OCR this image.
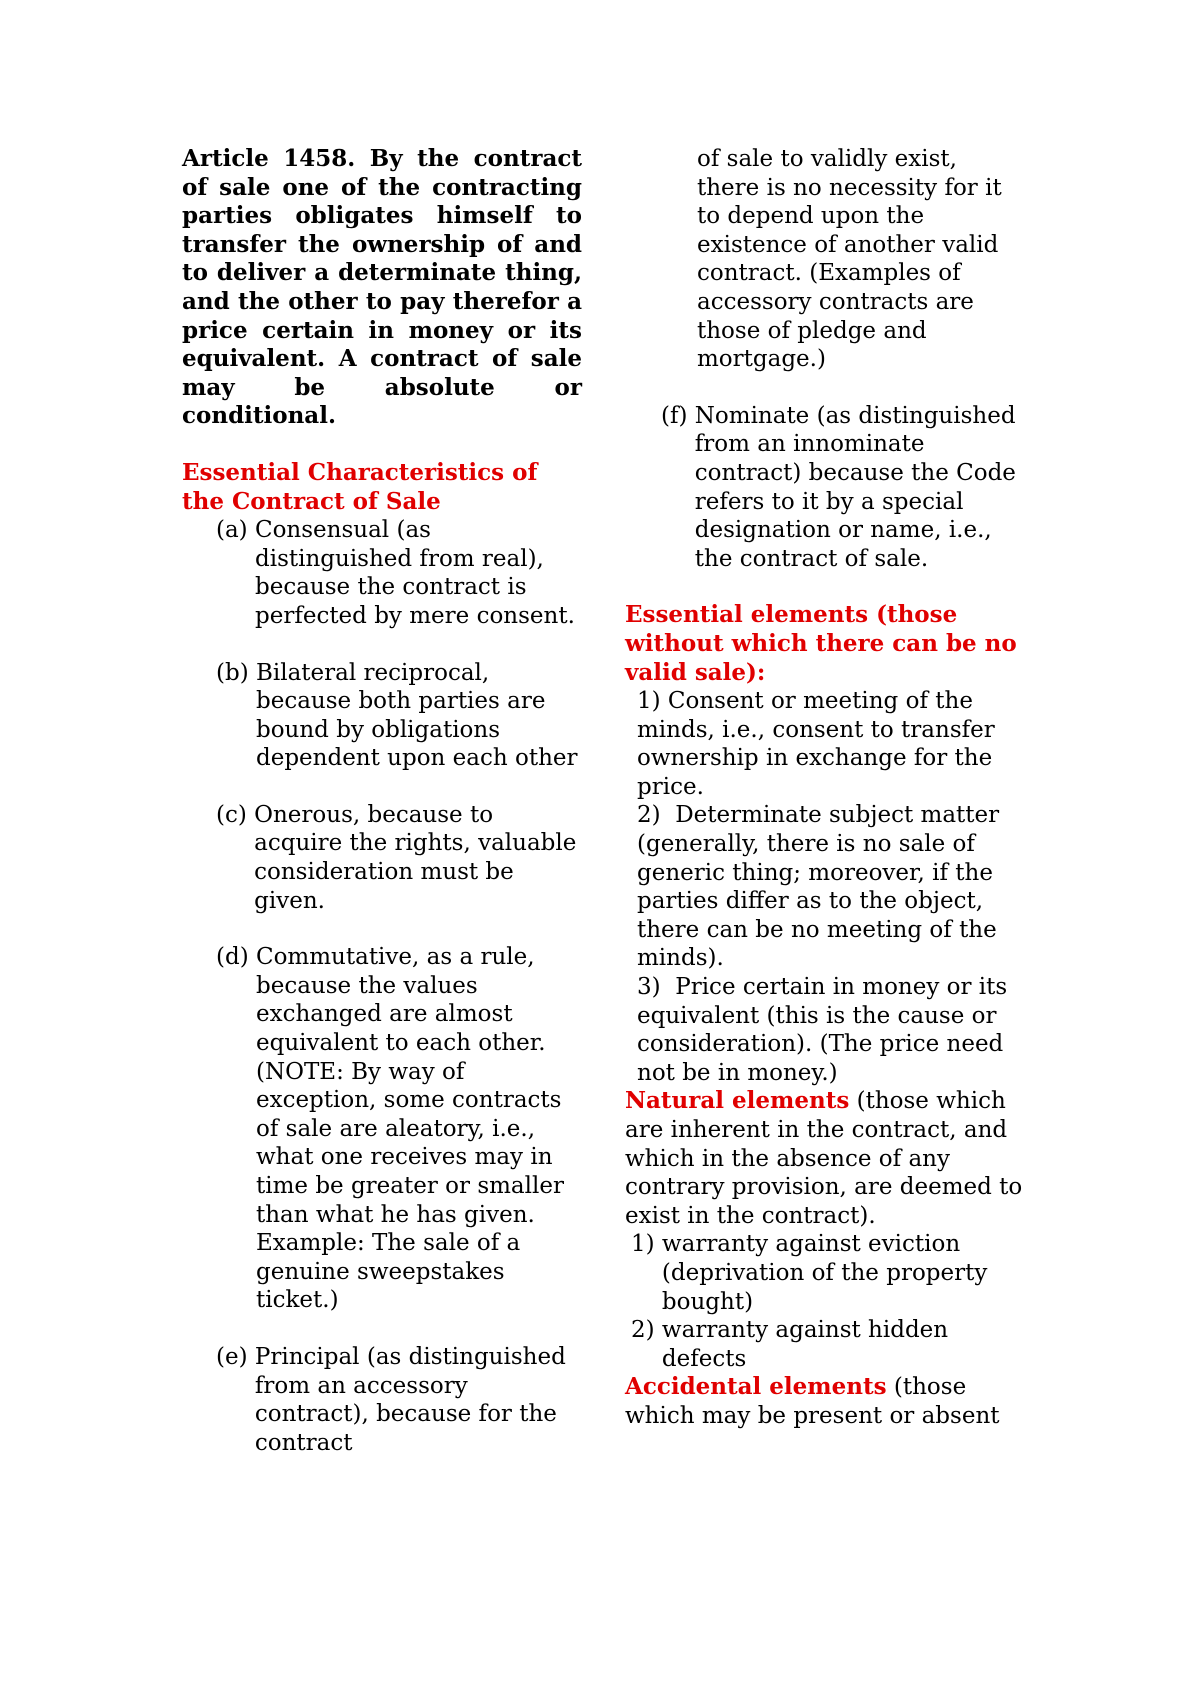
Article 1458. By the contract of sale one of the contracting parties obligates himself to transfer the ownership of and to deliver a determinate thing, and the other to pay therefor a price certain in money or its equivalent. A contract of sale may be absolute or conditional.

Essential Characteristics of the Contract of Sale
(a) Consensual (as distinguished from real), because the contract is perfected by mere consent.
(b) Bilateral reciprocal, because both parties are bound by obligations dependent upon each other
(c) Onerous, because to acquire the rights, valuable consideration must be given.
(d) Commutative, as a rule, because the values exchanged are almost equivalent to each other. (NOTE: By way of exception, some contracts of sale are aleatory, i.e., what one receives may in time be greater or smaller than what he has given. Example: The sale of a genuine sweepstakes ticket.)
(e) Principal (as distinguished from an accessory contract), because for the contract

of sale to validly exist, there is no necessity for it to depend upon the existence of another valid contract. (Examples of accessory contracts are those of pledge and mortgage.)

(f) Nominate (as distinguished from an innominate contract) because the Code refers to it by a special designation or name, i.e., the contract of sale.
Essential elements (those without which there can be no valid sale):

1) Consent or meeting of the minds, i.e., consent to transfer ownership in exchange for the price.

2)  Determinate subject matter (generally, there is no sale of generic thing; moreover, if the parties differ as to the object, there can be no meeting of the minds).

3)  Price certain in money or its equivalent (this is the cause or consideration). (The price need not be in money.)

Natural elements (those which are inherent in the contract, and which in the absence of any contrary provision, are deemed to exist in the contract).

1) warranty against eviction (deprivation of the property bought)
2) warranty against hidden defects

Accidental elements (those which may be present or absent
